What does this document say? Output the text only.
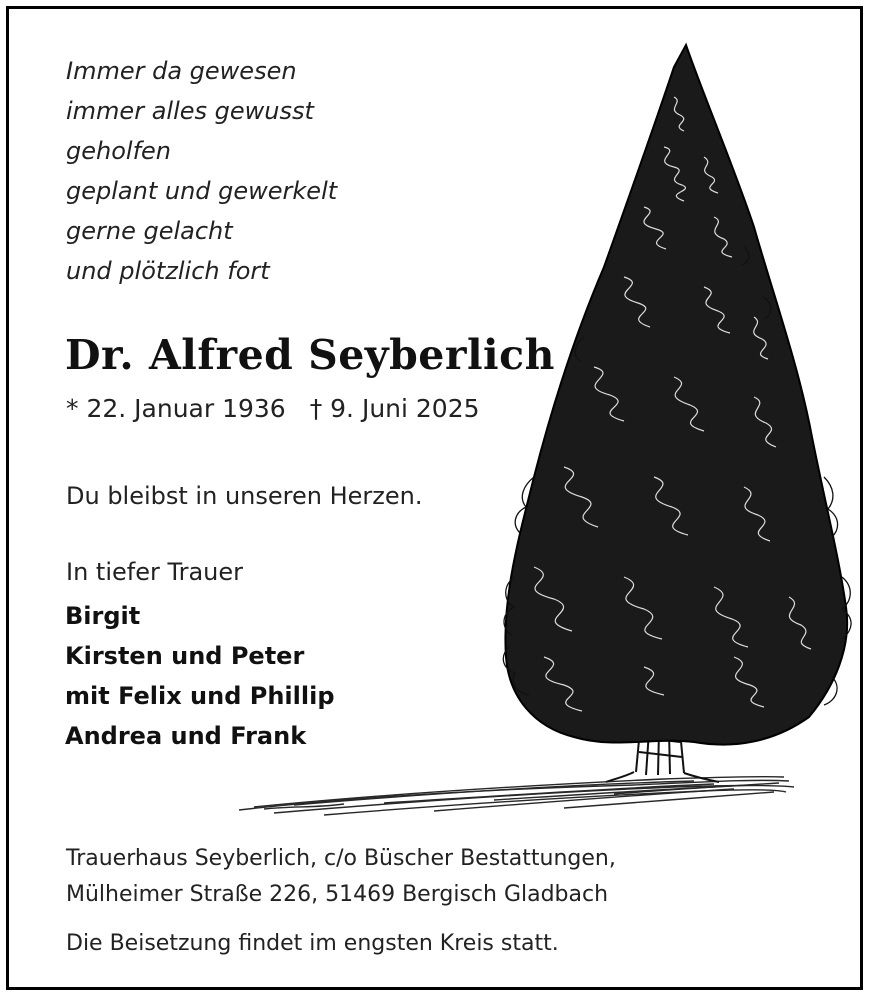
Immer da gewesen
immer alles gewusst
geholfen
geplant und gewerkelt
gerne gelacht
und plötzlich fort
Dr. Alfred Seyberlich
* 22. Januar 1936 † 9. Juni 2025
Du bleibst in unseren Herzen.
In tiefer Trauer
Birgit
Kirsten und Peter
mit Felix und Phillip
Andrea und Frank
Trauerhaus Seyberlich, c/o Büscher Bestattungen,
Mülheimer Straße 226, 51469 Bergisch Gladbach
Die Beisetzung findet im engsten Kreis statt.
